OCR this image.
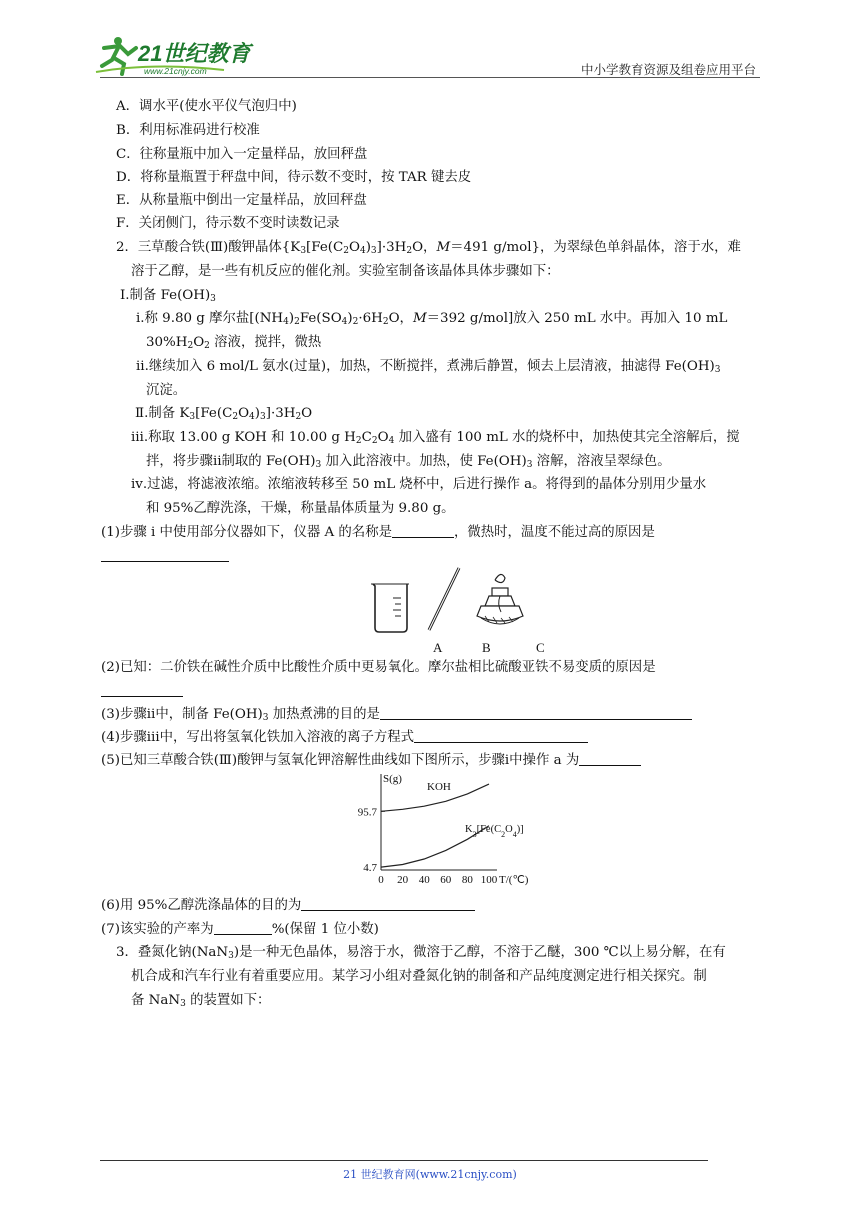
21世纪教育
www.21cnjy.com	中小学教育资源及组卷应用平台
A．调水平(使水平仪气泡归中)
B．利用标准码进行校准
C．往称量瓶中加入一定量样品，放回秤盘
D．将称量瓶置于秤盘中间，待示数不变时，按 TAR 键去皮
E．从称量瓶中倒出一定量样品，放回秤盘
F．关闭侧门，待示数不变时读数记录
2．三草酸合铁(Ⅲ)酸钾晶体{$K_3[Fe(C_2O_4)_3]\cdot 3H_2O$，M＝491 g/mol}，为翠绿色单斜晶体，溶于水，难
溶于乙醇，是一些有机反应的催化剂。实验室制备该晶体具体步骤如下：
Ⅰ.制备 $Fe(OH)_3$
ⅰ.称 9.80 g 摩尔盐[$(NH_4)_2Fe(SO_4)_2\cdot 6H_2O$，M＝392 g/mol]放入 250 mL 水中。再加入 10 mL
$30\%H_2O_2$ 溶液，搅拌，微热
ⅱ.继续加入 6 mol/L 氨水(过量)，加热，不断搅拌，煮沸后静置，倾去上层清液，抽滤得 $Fe(OH)_3$
沉淀。
Ⅱ.制备 $K_3[Fe(C_2O_4)_3]\cdot 3H_2O$
ⅲ.称取 13.00 g KOH 和 10.00 g $H_2C_2O_4$ 加入盛有 100 mL 水的烧杯中，加热使其完全溶解后，搅
拌，将步骤ⅱ制取的 $Fe(OH)_3$ 加入此溶液中。加热，使 $Fe(OH)_3$ 溶解，溶液呈翠绿色。
ⅳ.过滤，将滤液浓缩。浓缩液转移至 50 mL 烧杯中，后进行操作 a。将得到的晶体分别用少量水
和 95%乙醇洗涤，干燥，称量晶体质量为 9.80 g。
(1)步骤 ⅰ 中使用部分仪器如下，仪器 A 的名称是	，微热时，温度不能过高的原因是
A	B	C
(2)已知：二价铁在碱性介质中比酸性介质中更易氧化。摩尔盐相比硫酸亚铁不易变质的原因是
(3)步骤ⅱ中，制备 $Fe(OH)_3$ 加热煮沸的目的是
(4)步骤ⅲ中，写出将氢氧化铁加入溶液的离子方程式
(5)已知三草酸合铁(Ⅲ)酸钾与氢氧化钾溶解性曲线如下图所示，步骤ⅰ中操作 a 为
4.7
95.7
0 20 40 60 80 100
S(g)
T/(℃)
KOH
$K_3[Fe(C_2O_4)]$
(6)用 95%乙醇洗涤晶体的目的为
(7)该实验的产率为	%(保留 1 位小数)
3．叠氮化钠(NaN$_3$)是一种无色晶体，易溶于水，微溶于乙醇，不溶于乙醚，300 ℃以上易分解，在有
机合成和汽车行业有着重要应用。某学习小组对叠氮化钠的制备和产品纯度测定进行相关探究。制
备 NaN$_3$ 的装置如下：
21 世纪教育网(www.21cnjy.com)
